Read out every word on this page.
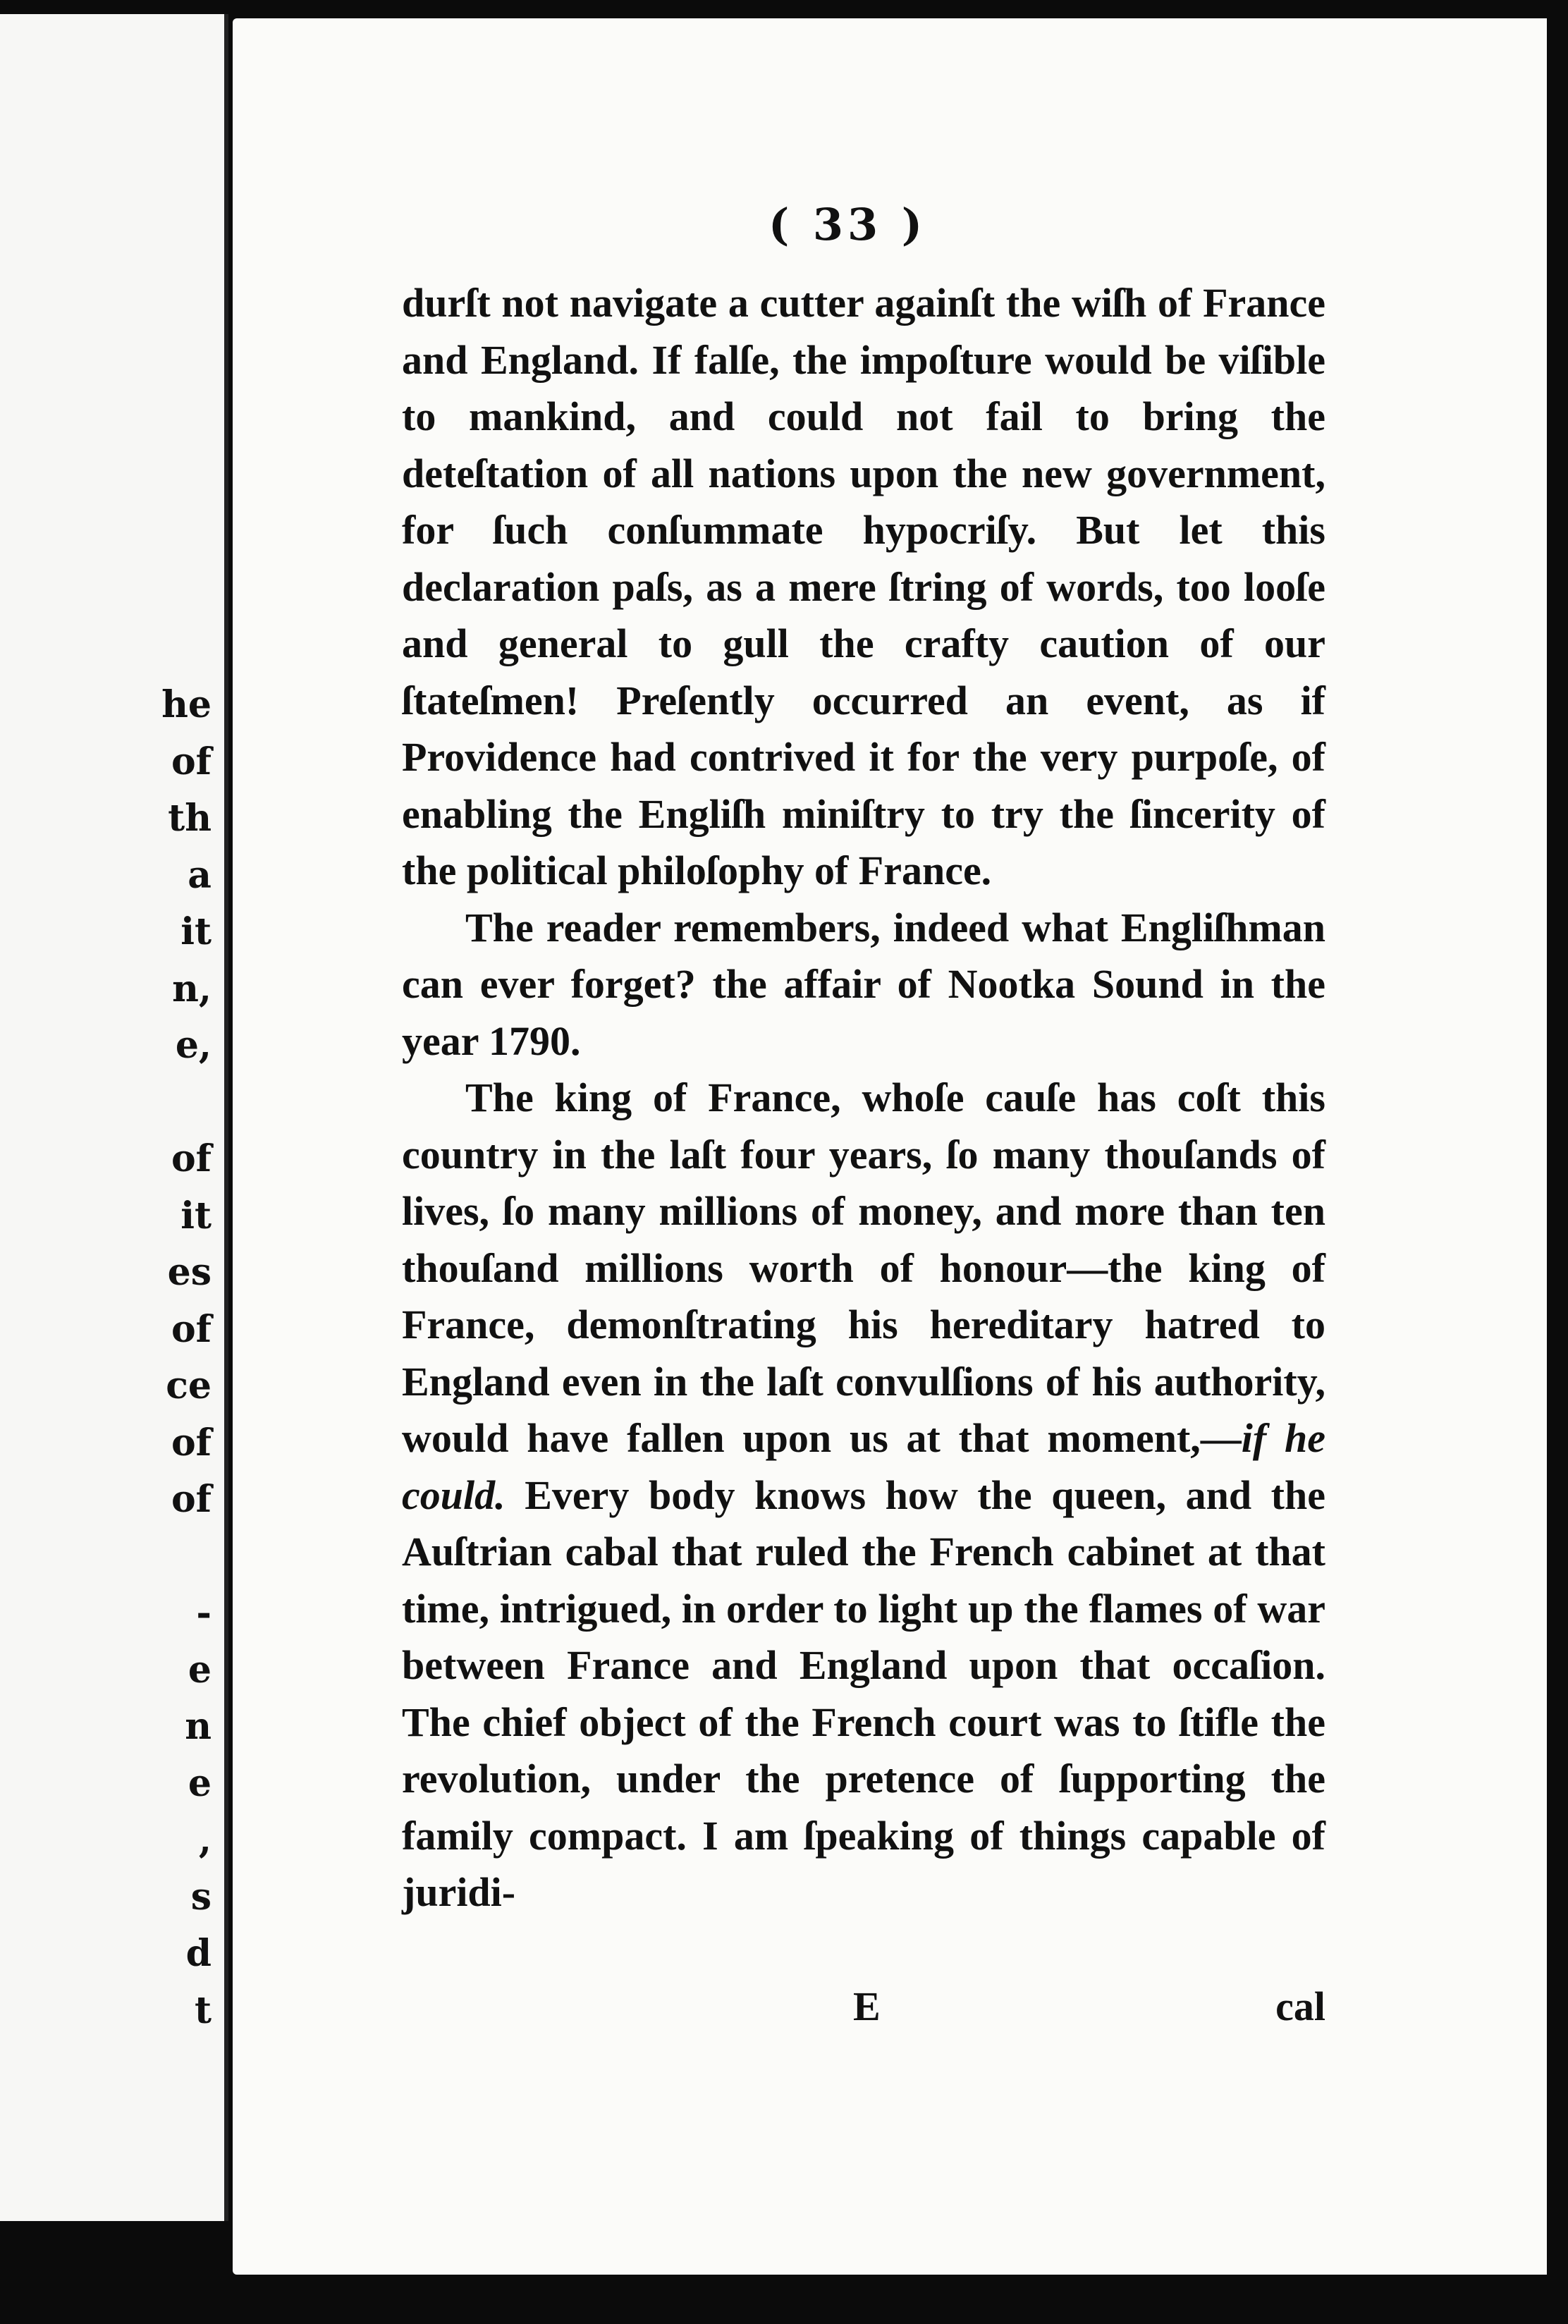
he
of
th
a
it
n,
e,
of
it
es
of
ce
of
of
-
e
n
e
,
s
d
t
( 33 )

durſt not navigate a cutter againſt the wiſh of France and England. If falſe, the impoſture would be viſible to mankind, and could not fail to bring the deteſtation of all nations upon the new government, for ſuch conſummate hypocriſy. But let this declaration paſs, as a mere ſtring of words, too looſe and general to gull the crafty caution of our ſtateſmen! Preſently occurred an event, as if Providence had contrived it for the very purpoſe, of enabling the Engliſh miniſtry to try the ſincerity of the political philoſophy of France.

The reader remembers, indeed what Engliſhman can ever forget? the affair of Nootka Sound in the year 1790.

The king of France, whoſe cauſe has coſt this country in the laſt four years, ſo many thouſands of lives, ſo many millions of money, and more than ten thouſand millions worth of honour—the king of France, demonſtrating his hereditary hatred to England even in the laſt convulſions of his authority, would have fallen upon us at that moment,—if he could. Every body knows how the queen, and the Auſtrian cabal that ruled the French cabinet at that time, intrigued, in order to light up the flames of war between France and England upon that occaſion. The chief object of the French court was to ſtifle the revolution, under the pretence of ſupporting the family compact. I am ſpeaking of things capable of juridi-

E	cal
